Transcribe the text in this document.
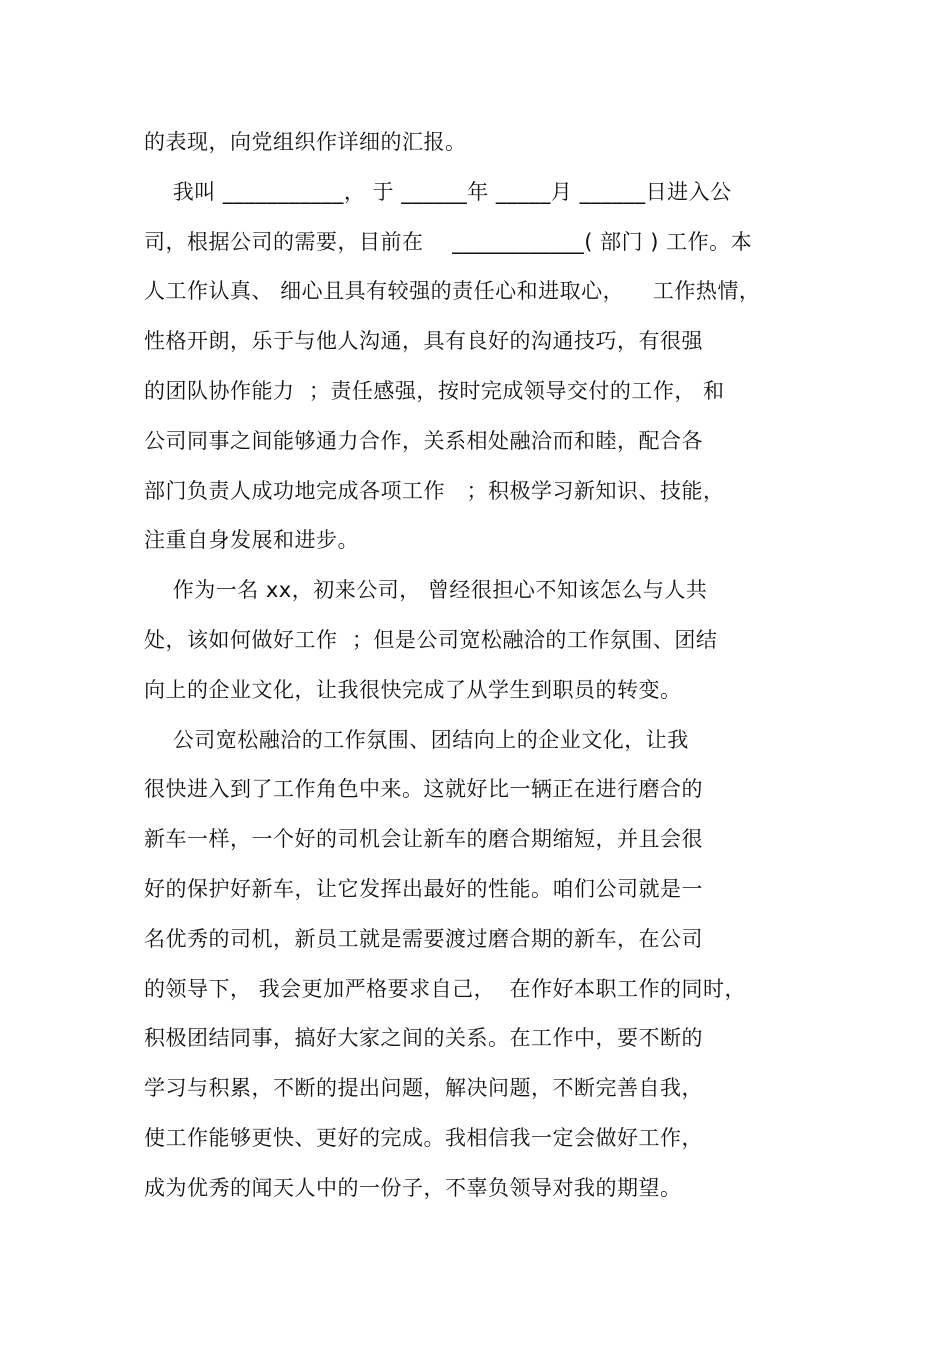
的表现，向党组织作详细的汇报。
我叫 ___________， 于 ______年 _____月 ______日进入公
司，根据公司的需要，目前在    ____________( 部门 ) 工作。本
人工作认真、 细心且具有较强的责任心和进取心，    工作热情，
性格开朗，乐于与他人沟通，具有良好的沟通技巧，有很强
的团队协作能力  ；责任感强，按时完成领导交付的工作， 和
公司同事之间能够通力合作，关系相处融洽而和睦，配合各
部门负责人成功地完成各项工作   ；积极学习新知识、技能，
注重自身发展和进步。
作为一名 xx，初来公司， 曾经很担心不知该怎么与人共
处，该如何做好工作  ；但是公司宽松融洽的工作氛围、团结
向上的企业文化，让我很快完成了从学生到职员的转变。
公司宽松融洽的工作氛围、团结向上的企业文化，让我
很快进入到了工作角色中来。这就好比一辆正在进行磨合的
新车一样，一个好的司机会让新车的磨合期缩短，并且会很
好的保护好新车，让它发挥出最好的性能。咱们公司就是一
名优秀的司机，新员工就是需要渡过磨合期的新车，在公司
的领导下， 我会更加严格要求自己，  在作好本职工作的同时，
积极团结同事，搞好大家之间的关系。在工作中，要不断的
学习与积累，不断的提出问题，解决问题，不断完善自我，
使工作能够更快、更好的完成。我相信我一定会做好工作，
成为优秀的闻天人中的一份子，不辜负领导对我的期望。
